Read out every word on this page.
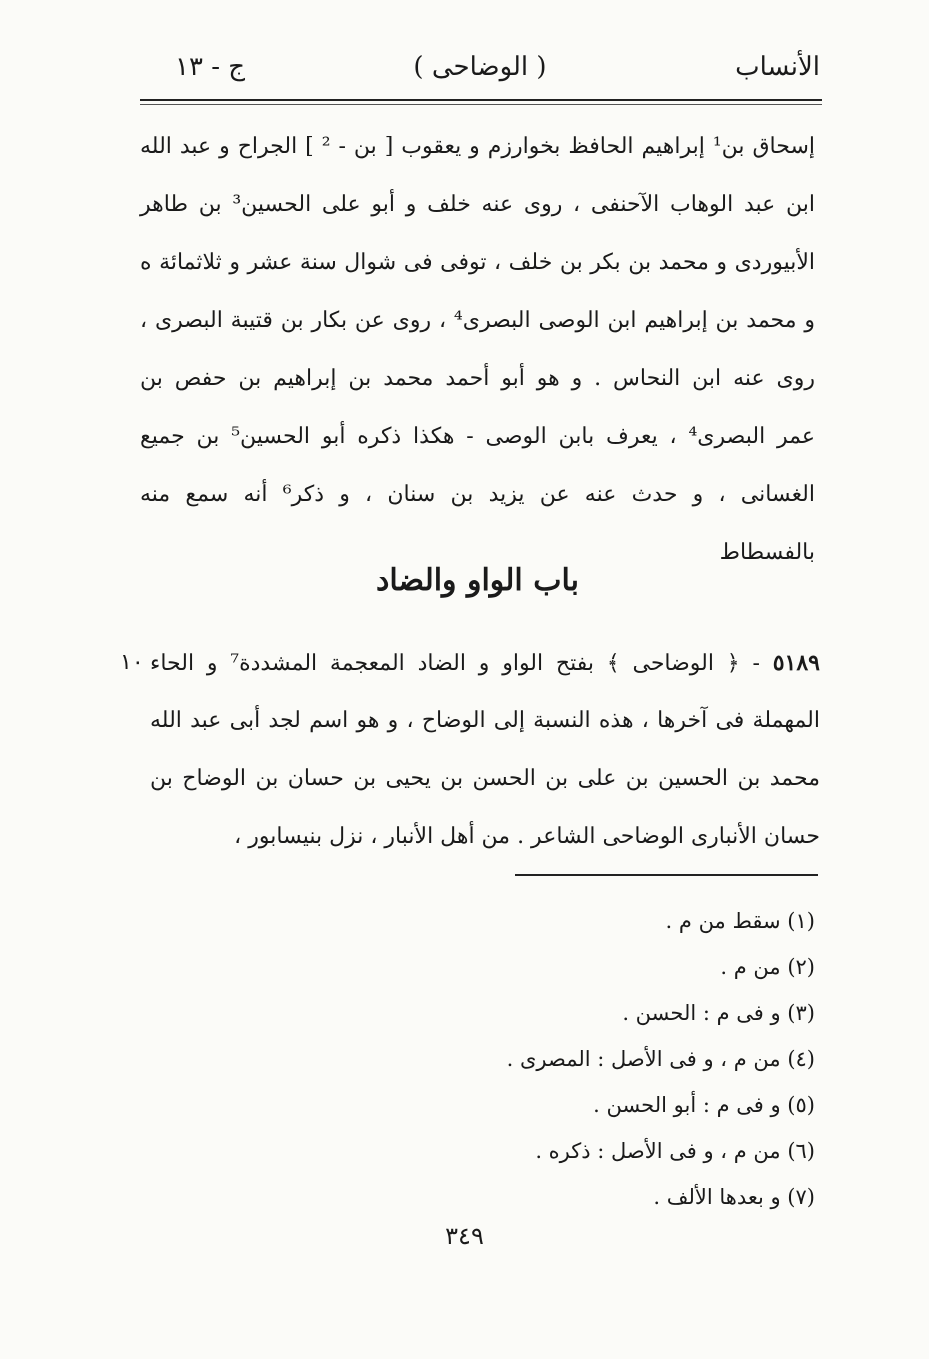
الأنساب
( الوضاحى )
ج - ١٣
إسحاق بن¹ إبراهيم الحافظ بخوارزم و يعقوب [ بن - ² ] الجراح و عبد الله
ابن عبد الوهاب الآحنفى ، روى عنه خلف و أبو على الحسين³ بن طاهر
الأبيوردى و محمد بن بكر بن خلف ، توفى فى شوال سنة عشر و ثلاثمائة ه
و محمد بن إبراهيم ابن الوصى البصرى⁴ ، روى عن بكار بن قتيبة البصرى ،
روى عنه ابن النحاس . و هو أبو أحمد محمد بن إبراهيم بن حفص بن
عمر البصرى⁴ ، يعرف بابن الوصى - هكذا ذكره أبو الحسين⁵ بن جميع
الغسانى ، و حدث عنه عن يزيد بن سنان ، و ذكر⁶ أنه سمع منه
بالفسطاط
باب الواو والضاد
١٠	٥١٨٩ - ﴿ الوضاحى ﴾ بفتح الواو و الضاد المعجمة المشددة⁷ و الحاء
المهملة فى آخرها ، هذه النسبة إلى الوضاح ، و هو اسم لجد أبى عبد الله
محمد بن الحسين بن على بن الحسن بن يحيى بن حسان بن الوضاح بن
حسان الأنبارى الوضاحى الشاعر . من أهل الأنبار ، نزل بنيسابور ،
(١) سقط من م .
(٢) من م .
(٣) و فى م : الحسن .
(٤) من م ، و فى الأصل : المصرى .
(٥) و فى م : أبو الحسن .
(٦) من م ، و فى الأصل : ذكره .
(٧) و بعدها الألف .
٣٤٩
